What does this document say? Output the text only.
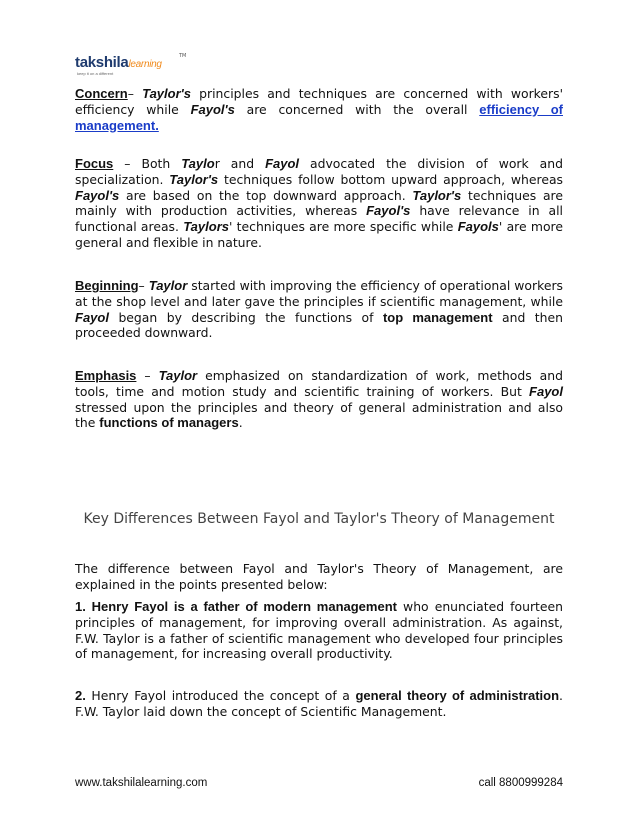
takshilalearning
TM
keep it on a different

Concern– Taylor's principles and techniques are concerned with workers' efficiency while Fayol's are concerned with the overall efficiency of management.

Focus – Both Taylor and Fayol advocated the division of work and specialization. Taylor's techniques follow bottom upward approach, whereas Fayol's are based on the top downward approach. Taylor's techniques are mainly with production activities, whereas Fayol's have relevance in all functional areas. Taylors' techniques are more specific while Fayols' are more general and flexible in nature.

Beginning– Taylor started with improving the efficiency of operational workers at the shop level and later gave the principles if scientific management, while Fayol began by describing the functions of top management and then proceeded downward.

Emphasis – Taylor emphasized on standardization of work, methods and tools, time and motion study and scientific training of workers. But Fayol stressed upon the principles and theory of general administration and also the functions of managers.

Key Differences Between Fayol and Taylor's Theory of Management

The difference between Fayol and Taylor's Theory of Management, are explained in the points presented below:

1. Henry Fayol is a father of modern management who enunciated fourteen principles of management, for improving overall administration. As against, F.W. Taylor is a father of scientific management who developed four principles of management, for increasing overall productivity.

2. Henry Fayol introduced the concept of a general theory of administration. F.W. Taylor laid down the concept of Scientific Management.

www.takshilalearning.com	call 8800999284
